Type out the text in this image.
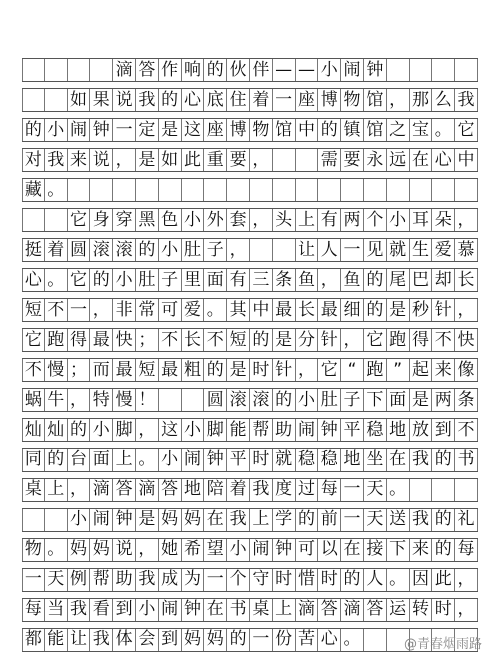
滴 答 作 响 的 伙 伴 — — 小 闹 钟
如 果 说 我 的 心 底 住 着 一 座 博 物 馆 ， 那 么 我
的 小 闹 钟 一 定 是 这 座 博 物 馆 中 的 镇 馆 之 宝 。 它
对 我 来 说 ， 是 如 此 重 要 ，	需 要 永 远 在 心 中
藏 。
它 身 穿 黑 色 小 外 套 ， 头 上 有 两 个 小 耳 朵 ，
挺 着 圆 滚 滚 的 小 肚 子 ，	让 人 一 见 就 生 爱 慕
心 。 它 的 小 肚 子 里 面 有 三 条 鱼 ， 鱼 的 尾 巴 却 长
短 不 一 ， 非 常 可 爱 。 其 中 最 长 最 细 的 是 秒 针 ，
它 跑 得 最 快 ； 不 长 不 短 的 是 分 针 ， 它 跑 得 不 快
不 慢 ； 而 最 短 最 粗 的 是 时 针 ， 它 “ 跑 ” 起 来 像
蜗 牛 ， 特 慢 ！	圆 滚 滚 的 小 肚 子 下 面 是 两 条
灿 灿 的 小 脚 ， 这 小 脚 能 帮 助 闹 钟 平 稳 地 放 到 不
同 的 台 面 上 。 小 闹 钟 平 时 就 稳 稳 地 坐 在 我 的 书
桌 上 ， 滴 答 滴 答 地 陪 着 我 度 过 每 一 天 。
小 闹 钟 是 妈 妈 在 我 上 学 的 前 一 天 送 我 的 礼
物 。 妈 妈 说 ， 她 希 望 小 闹 钟 可 以 在 接 下 来 的 每
一 天 例 帮 助 我 成 为 一 个 守 时 惜 时 的 人 。 因 此 ，
每 当 我 看 到 小 闹 钟 在 书 桌 上 滴 答 滴 答 运 转 时 ，
都 能 让 我 体 会 到 妈 妈 的 一 份 苦 心 。	@青春烟雨路
